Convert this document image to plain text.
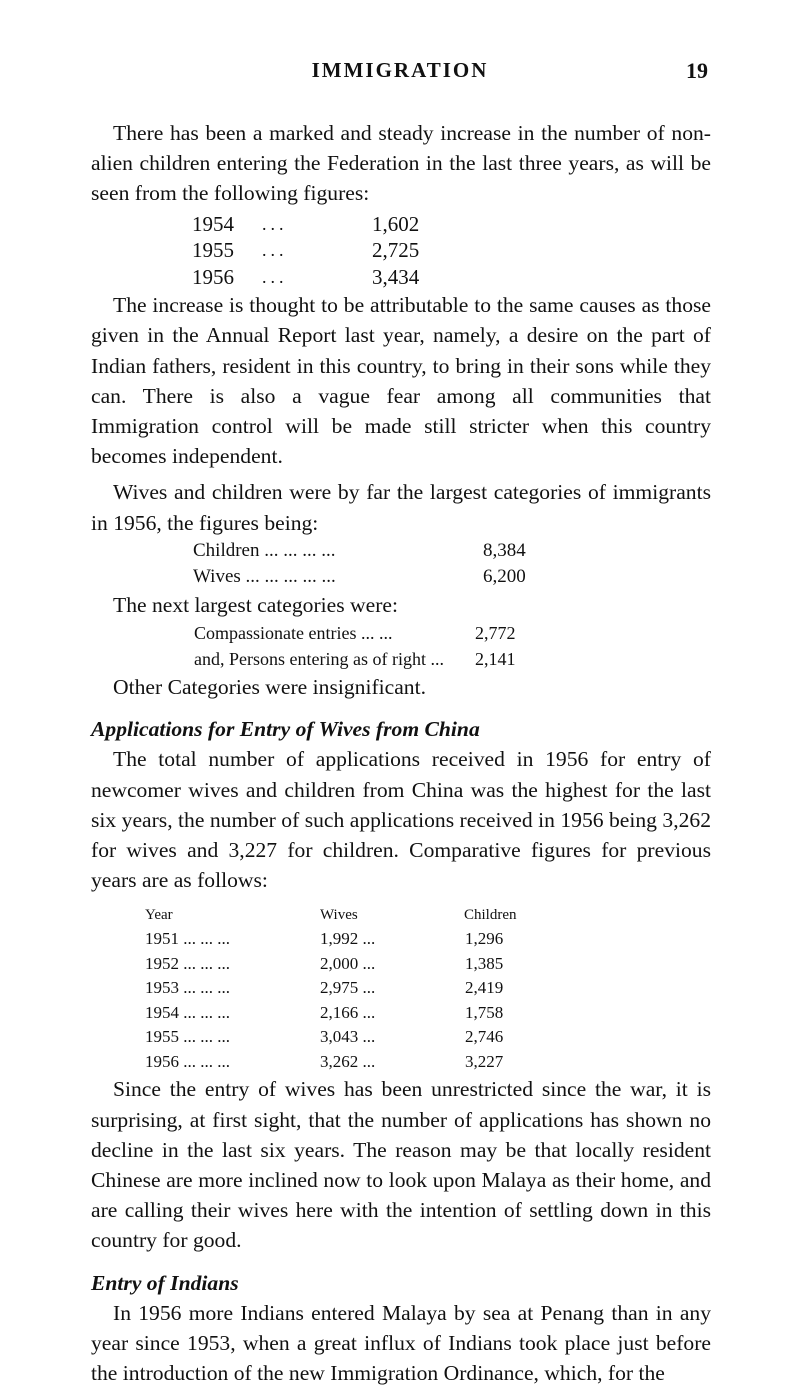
IMMIGRATION	19

There has been a marked and steady increase in the number of non-alien children entering the Federation in the last three years, as will be seen from the following figures:

1954	...	1,602
1955	...	2,725
1956	...	3,434

The increase is thought to be attributable to the same causes as those given in the Annual Report last year, namely, a desire on the part of Indian fathers, resident in this country, to bring in their sons while they can. There is also a vague fear among all communities that Immigration control will be made still stricter when this country becomes independent.

Wives and children were by far the largest categories of immigrants in 1956, the figures being:

Children ... ... ... ...	8,384
Wives ... ... ... ... ...	6,200

The next largest categories were:

Compassionate entries ... ...	2,772
and, Persons entering as of right ...	2,141

Other Categories were insignificant.

Applications for Entry of Wives from China

The total number of applications received in 1956 for entry of newcomer wives and children from China was the highest for the last six years, the number of such applications received in 1956 being 3,262 for wives and 3,227 for children. Comparative figures for previous years are as follows:

Year	Wives	Children
1951 ... ... ...	1,992 ...	1,296
1952 ... ... ...	2,000 ...	1,385
1953 ... ... ...	2,975 ...	2,419
1954 ... ... ...	2,166 ...	1,758
1955 ... ... ...	3,043 ...	2,746
1956 ... ... ...	3,262 ...	3,227

Since the entry of wives has been unrestricted since the war, it is surprising, at first sight, that the number of applications has shown no decline in the last six years. The reason may be that locally resident Chinese are more inclined now to look upon Malaya as their home, and are calling their wives here with the intention of settling down in this country for good.

Entry of Indians

In 1956 more Indians entered Malaya by sea at Penang than in any year since 1953, when a great influx of Indians took place just before the introduction of the new Immigration Ordinance, which, for the
